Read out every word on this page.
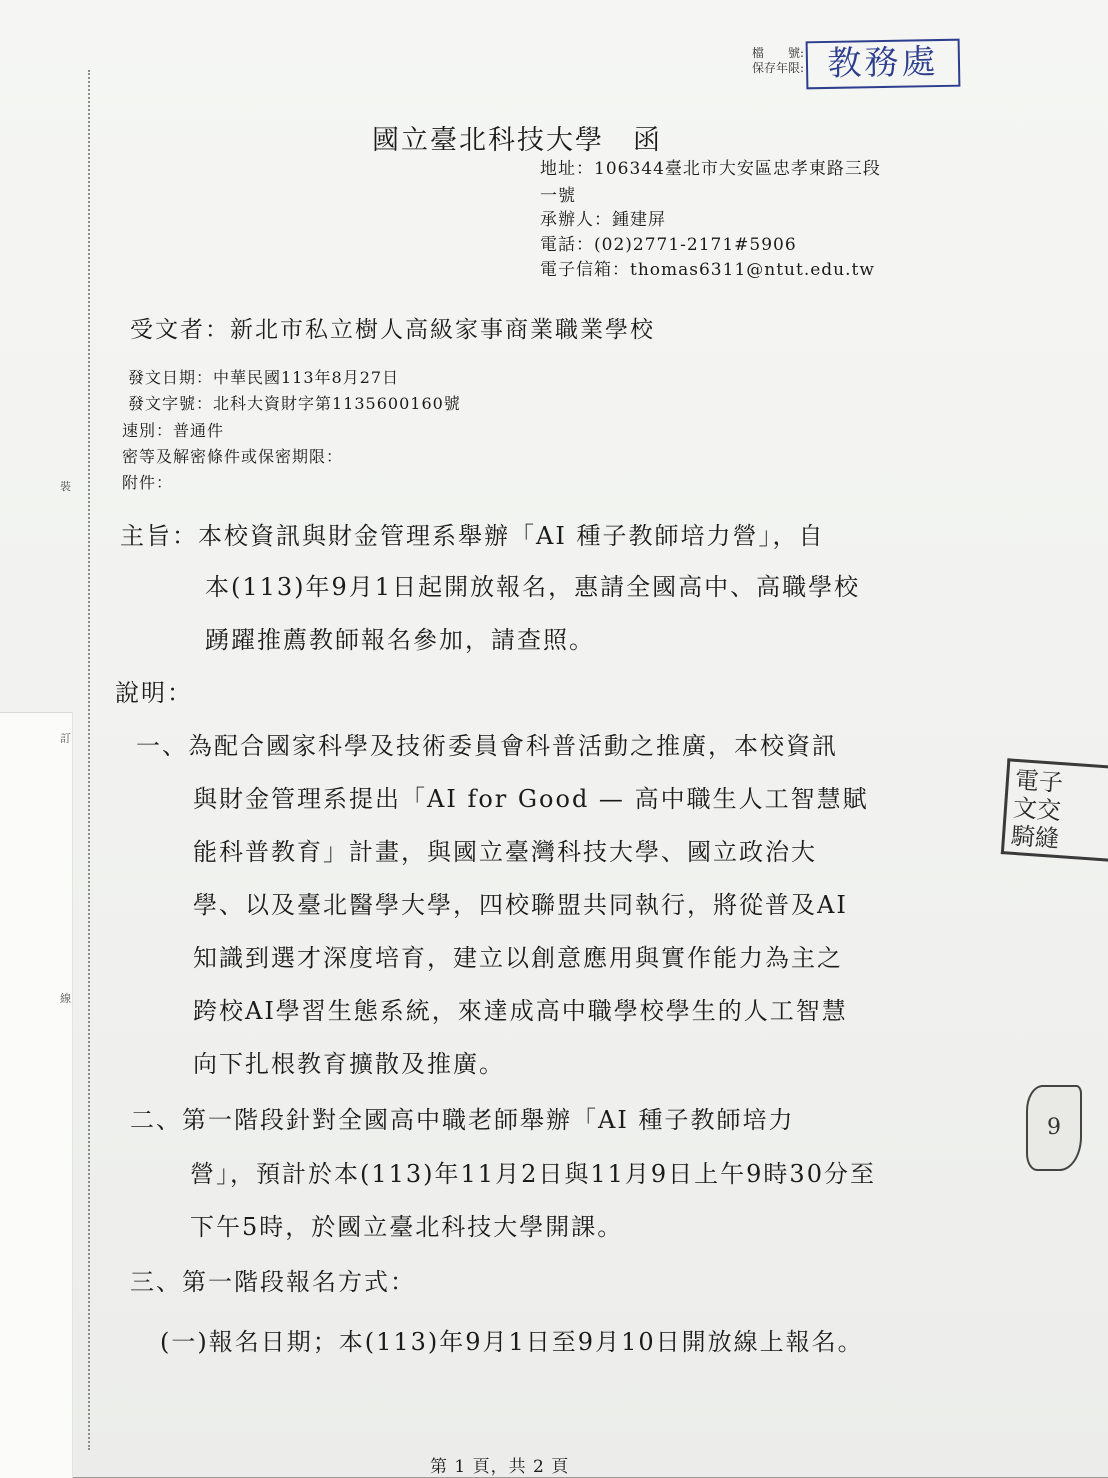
裝
訂
線
檔　　號:
保存年限: 教務處
國立臺北科技大學　函
地址：106344臺北市大安區忠孝東路三段
一號
承辦人：鍾建屏
電話：(02)2771-2171#5906
電子信箱：thomas6311@ntut.edu.tw
受文者：新北市私立樹人高級家事商業職業學校
發文日期：中華民國113年8月27日
發文字號：北科大資財字第1135600160號
速別：普通件
密等及解密條件或保密期限：
附件：
主旨：本校資訊與財金管理系舉辦「AI 種子教師培力營」，自
本(113)年9月1日起開放報名，惠請全國高中、高職學校
踴躍推薦教師報名參加，請查照。
說明：
一、為配合國家科學及技術委員會科普活動之推廣，本校資訊
與財金管理系提出「AI for Good — 高中職生人工智慧賦
能科普教育」計畫，與國立臺灣科技大學、國立政治大
學、以及臺北醫學大學，四校聯盟共同執行，將從普及AI
知識到選才深度培育，建立以創意應用與實作能力為主之
跨校AI學習生態系統，來達成高中職學校學生的人工智慧
向下扎根教育擴散及推廣。
二、第一階段針對全國高中職老師舉辦「AI 種子教師培力
營」，預計於本(113)年11月2日與11月9日上午9時30分至
下午5時，於國立臺北科技大學開課。
三、第一階段報名方式：
(一)報名日期；本(113)年9月1日至9月10日開放線上報名。
電子
文交
騎縫
9
第 1 頁，共 2 頁
